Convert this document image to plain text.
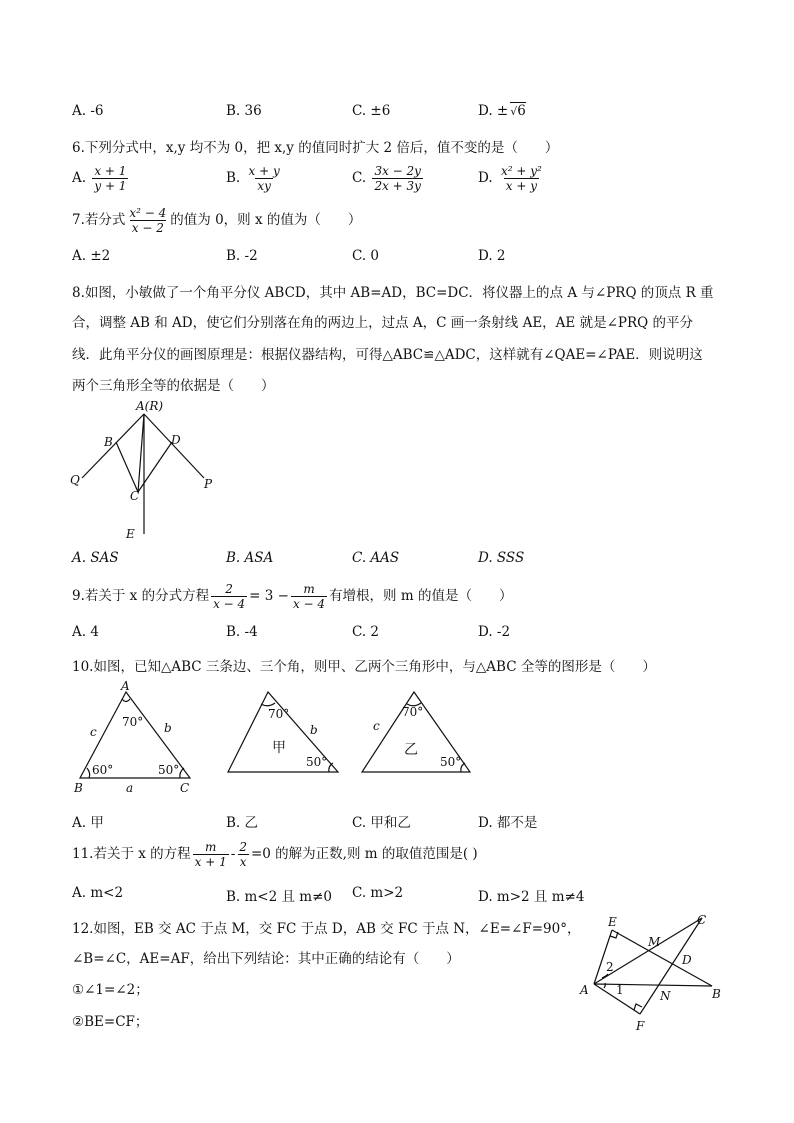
A. -6	B. 36	C. ±6	D. ± √6
6.下列分式中，x,y 均不为 0，把 x,y 的值同时扩大 2 倍后，值不变的是（　　）
A. $\frac{x + 1}{y + 1}$	B. $\frac{x + y}{xy}$	C. $\frac{3x - 2y}{2x + 3y}$	D. $\frac{\text{x² + y²}}{x + y}$
7.若分式 $\frac{\text{x² − 4}}{x - 2}$ 的值为 0，则 x 的值为（　　）
A. ±2	B. -2	C. 0	D. 2
8.如图，小敏做了一个角平分仪 ABCD，其中 AB=AD，BC=DC．将仪器上的点 A 与∠PRQ 的顶点 R 重
合，调整 AB 和 AD，使它们分别落在角的两边上，过点 A，C 画一条射线 AE，AE 就是∠PRQ 的平分
线．此角平分仪的画图原理是：根据仪器结构，可得△ABC≌△ADC，这样就有∠QAE=∠PAE．则说明这
两个三角形全等的依据是（　　）
A(R)
B	D
Q	P
C
E
A. SAS	B. ASA	C. AAS	D. SSS
9.若关于 x 的分式方程 $\frac{2}{x - 4} = 3 - \frac{m}{x - 4}$ 有增根，则 m 的值是（　　）
A. 4	B. -4	C. 2	D. -2
10.如图，已知△ABC 三条边、三个角，则甲、乙两个三角形中，与△ABC 全等的图形是（　　）
A
B	C
a
b
c
70°
60°	50°
70°
50°
b
甲
70°
50°
c
乙
A. 甲	B. 乙	C. 甲和乙	D. 都不是
11.若关于 x 的方程 $\frac{m}{x + 1} - \frac{2}{x} =0$ 的解为正数,则 m 的取值范围是( )
A. m<2	B. m<2 且 m≠0 C. m>2	D. m>2 且 m≠4
12.如图，EB 交 AC 于点 M，交 FC 于点 D，AB 交 FC 于点 N，∠E=∠F=90°，
∠B=∠C，AE=AF，给出下列结论：其中正确的结论有（　　）
①∠1=∠2；
②BE=CF；
E	C
M
D
A	B
N
F
1
2
